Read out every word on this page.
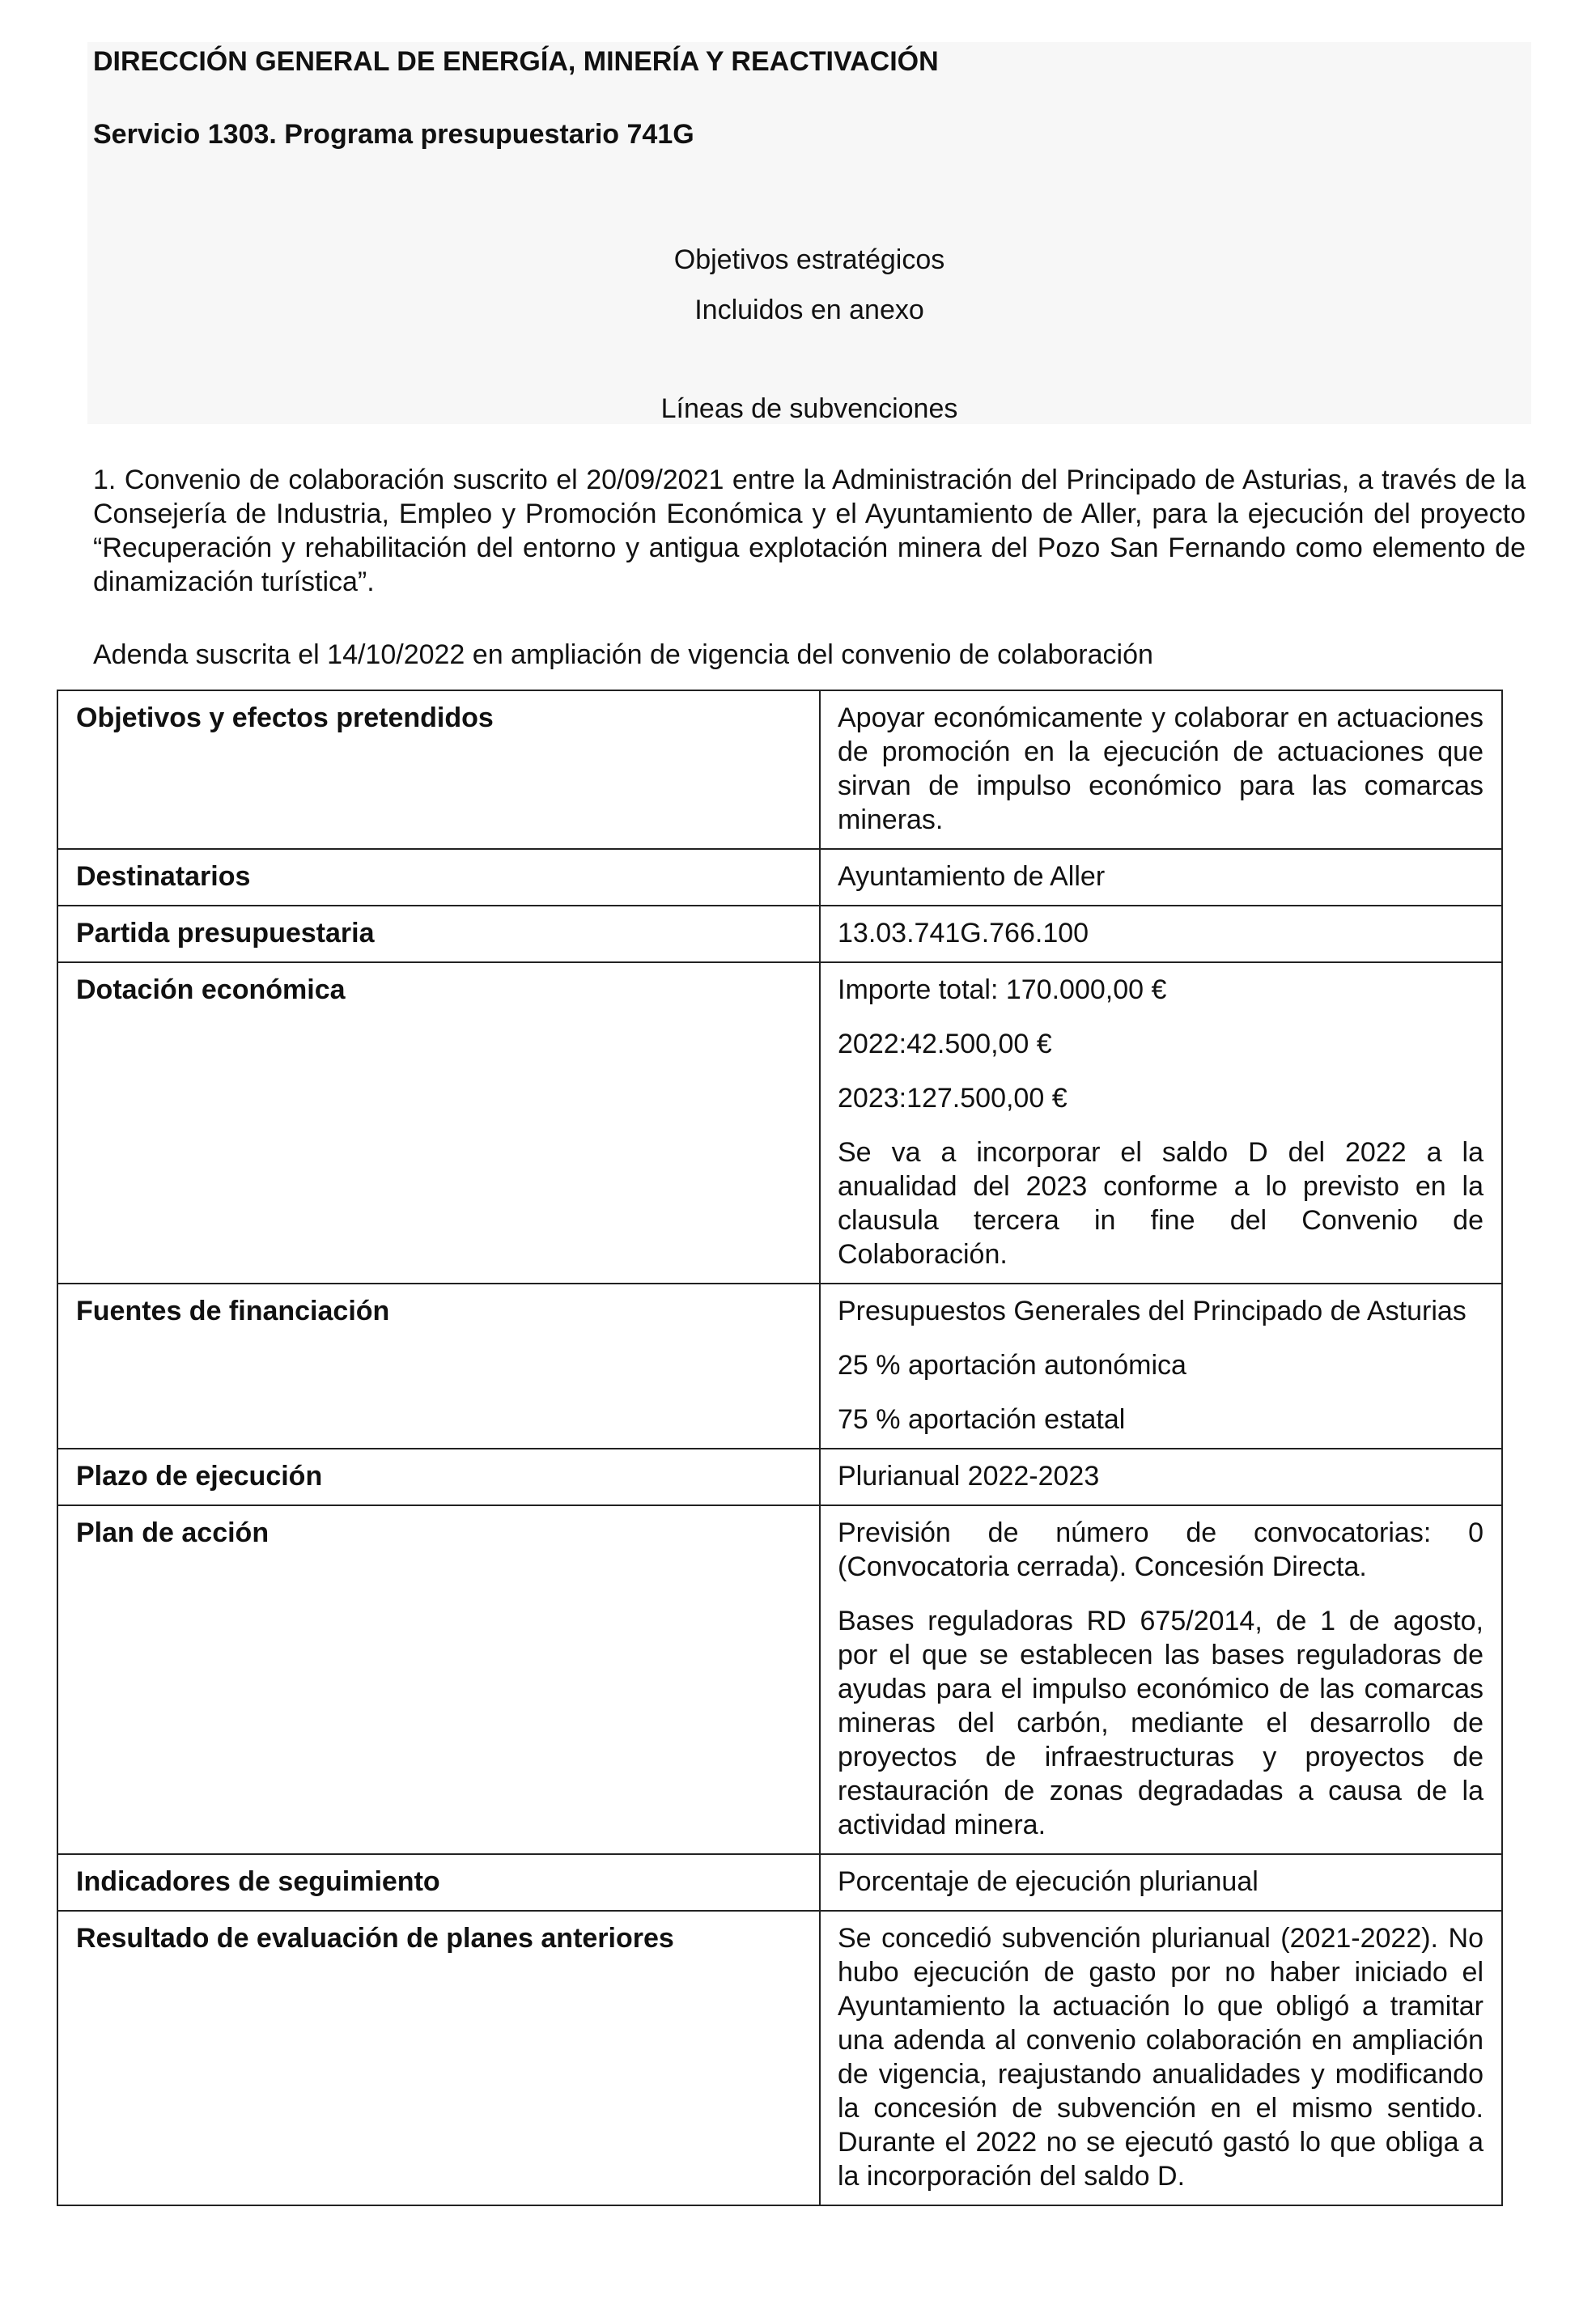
DIRECCIÓN GENERAL DE ENERGÍA, MINERÍA Y REACTIVACIÓN
Servicio 1303. Programa presupuestario 741G
Objetivos estratégicos
Incluidos en anexo
Líneas de subvenciones
1. Convenio de colaboración suscrito el 20/09/2021 entre la Administración del Principado de Asturias, a través de la Consejería de Industria, Empleo y Promoción Económica y el Ayuntamiento de Aller, para la ejecución del proyecto “Recuperación y rehabilitación del entorno y antigua explotación minera del Pozo San Fernando como elemento de dinamización turística”.
Adenda suscrita el 14/10/2022 en ampliación de vigencia del convenio de colaboración
Objetivos y efectos pretendidos	Apoyar económicamente y colaborar en actuaciones de promoción en la ejecución de actuaciones que sirvan de impulso económico para las comarcas mineras.

Destinatarios	Ayuntamiento de Aller

Partida presupuestaria	13.03.741G.766.100

Dotación económica	Importe total: 170.000,00 €

2022:42.500,00 €

2023:127.500,00 €

Se va a incorporar el saldo D del 2022 a la anualidad del 2023 conforme a lo previsto en la clausula tercera in fine del Convenio de Colaboración.

Fuentes de financiación	Presupuestos Generales del Principado de Asturias

25 % aportación autonómica

75 % aportación estatal

Plazo de ejecución	Plurianual 2022-2023

Plan de acción	Previsión de número de convocatorias: 0 (Convocatoria cerrada). Concesión Directa.

Bases reguladoras RD 675/2014, de 1 de agosto, por el que se establecen las bases reguladoras de ayudas para el impulso económico de las comarcas mineras del carbón, mediante el desarrollo de proyectos de infraestructuras y proyectos de restauración de zonas degradadas a causa de la actividad minera.

Indicadores de seguimiento	Porcentaje de ejecución plurianual

Resultado de evaluación de planes anteriores	Se concedió subvención plurianual (2021-2022). No hubo ejecución de gasto por no haber iniciado el Ayuntamiento la actuación lo que obligó a tramitar una adenda al convenio colaboración en ampliación de vigencia, reajustando anualidades y modificando la concesión de subvención en el mismo sentido. Durante el 2022 no se ejecutó gastó lo que obliga a la incorporación del saldo D.
